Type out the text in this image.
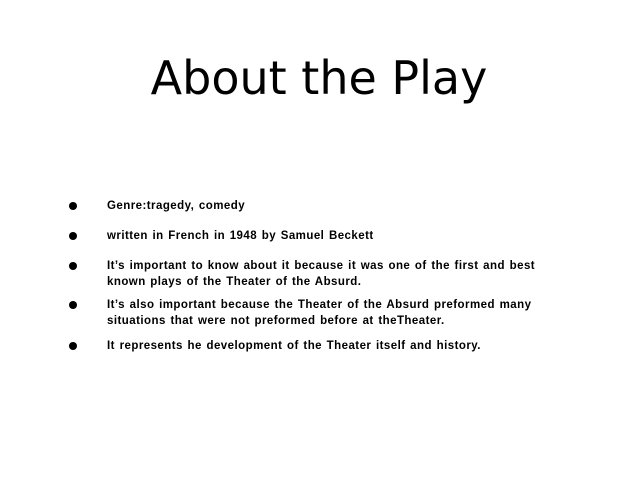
About the Play
Genre:tragedy, comedy
written in French in 1948 by Samuel Beckett
It’s important to know about it because it was one of the first and best known plays of the Theater of the Absurd.
It’s also important because the Theater of the Absurd preformed many situations that were not preformed before at theTheater.
It represents he development of the Theater itself and history.
